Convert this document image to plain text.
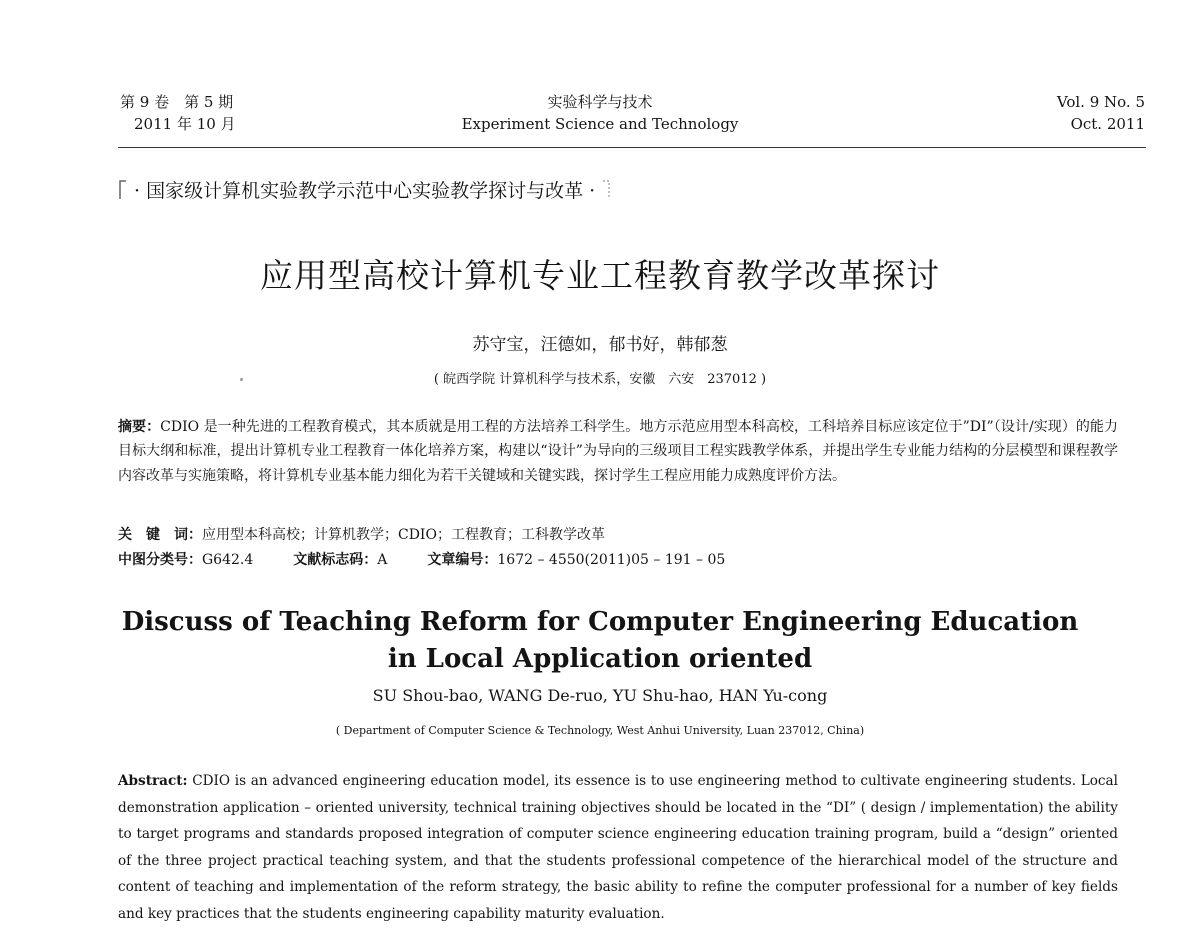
第 9 卷　第 5 期
2011 年 10 月
实验科学与技术
Experiment Science and Technology
Vol. 9 No. 5
Oct. 2011
· 国家级计算机实验教学示范中心实验教学探讨与改革 ·
应用型高校计算机专业工程教育教学改革探讨
苏守宝，汪德如，郁书好，韩郁葱
( 皖西学院 计算机科学与技术系，安徽　六安　237012 )
摘要：CDIO 是一种先进的工程教育模式，其本质就是用工程的方法培养工科学生。地方示范应用型本科高校，工科培养目标应该定位于”DI”（设计/实现）的能力目标大纲和标准，提出计算机专业工程教育一体化培养方案，构建以“设计”为导向的三级项目工程实践教学体系，并提出学生专业能力结构的分层模型和课程教学内容改革与实施策略，将计算机专业基本能力细化为若干关键域和关键实践，探讨学生工程应用能力成熟度评价方法。
关　键　词：应用型本科高校；计算机教学；CDIO；工程教育；工科教学改革
中图分类号：G642.4	文献标志码：A	文章编号：1672 – 4550(2011)05 – 191 – 05
Discuss of Teaching Reform for Computer Engineering Education
in Local Application oriented
SU Shou-bao, WANG De-ruo, YU Shu-hao, HAN Yu-cong
( Department of Computer Science & Technology, West Anhui University, Luan 237012, China)
Abstract: CDIO is an advanced engineering education model, its essence is to use engineering method to cultivate engineering students. Local demonstration application – oriented university, technical training objectives should be located in the “DI” ( design / implementation) the ability to target programs and standards proposed integration of computer science engineering education training program, build a “design” oriented of the three project practical teaching system, and that the students professional competence of the hierarchical model of the structure and content of teaching and implementation of the reform strategy, the basic ability to refine the computer professional for a number of key fields and key practices that the students engineering capability maturity evaluation.
